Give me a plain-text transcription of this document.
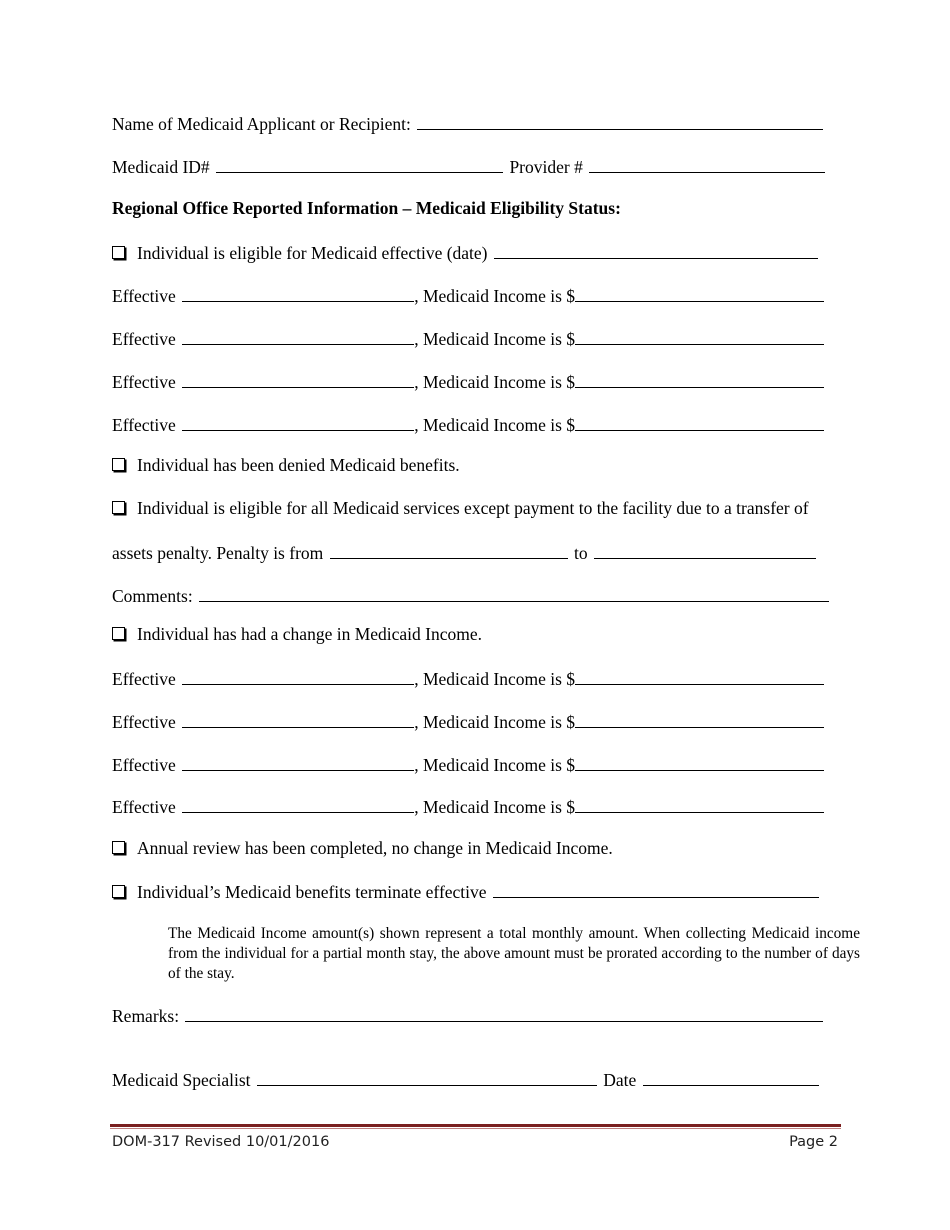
Name of Medicaid Applicant or Recipient:
Medicaid ID#	Provider #
Regional Office Reported Information – Medicaid Eligibility Status:
Individual is eligible for Medicaid effective (date)
Effective	, Medicaid Income is $
Effective	, Medicaid Income is $
Effective	, Medicaid Income is $
Effective	, Medicaid Income is $
Individual has been denied Medicaid benefits.
Individual is eligible for all Medicaid services except payment to the facility due to a transfer of
assets penalty. Penalty is from	to
Comments:
Individual has had a change in Medicaid Income.
Effective	, Medicaid Income is $
Effective	, Medicaid Income is $
Effective	, Medicaid Income is $
Effective	, Medicaid Income is $
Annual review has been completed, no change in Medicaid Income.
Individual’s Medicaid benefits terminate effective
The Medicaid Income amount(s) shown represent a total monthly amount. When collecting Medicaid income from the individual for a partial month stay, the above amount must be prorated according to the number of days of the stay.
Remarks:
Medicaid Specialist	Date
DOM-317 Revised 10/01/2016	Page 2
